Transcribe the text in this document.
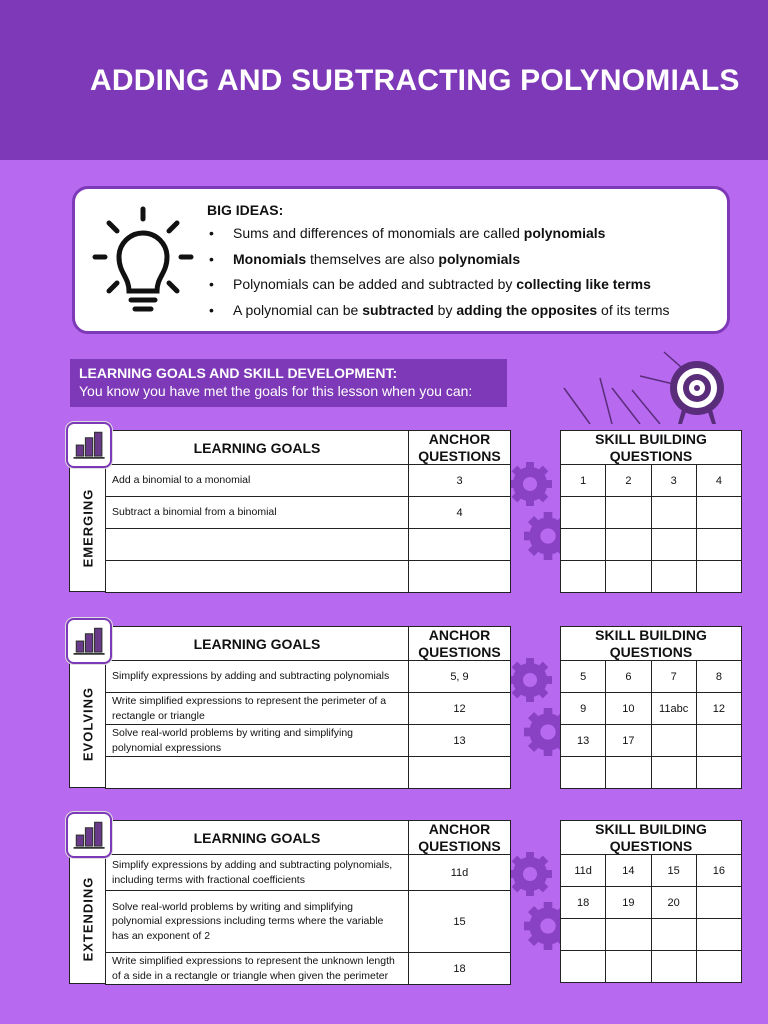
ADDING AND SUBTRACTING POLYNOMIALS
BIG IDEAS:
• Sums and differences of monomials are called polynomials
• Monomials themselves are also polynomials
• Polynomials can be added and subtracted by collecting like terms
• A polynomial can be subtracted by adding the opposites of its terms
LEARNING GOALS AND SKILL DEVELOPMENT:
You know you have met the goals for this lesson when you can:
EMERGING
LEARNING GOALS	ANCHOR QUESTIONS
Add a binomial to a monomial	3
Subtract a binomial from a binomial	4

SKILL BUILDING QUESTIONS			
1	2	3	4

EVOLVING
LEARNING GOALS	ANCHOR QUESTIONS
Simplify expressions by adding and subtracting polynomials	5, 9
Write simplified expressions to represent the perimeter of a rectangle or triangle	12
Solve real-world problems by writing and simplifying polynomial expressions	13

SKILL BUILDING QUESTIONS			
5	6	7	8
9	10	11abc	12
13	17		

EXTENDING
LEARNING GOALS	ANCHOR QUESTIONS
Simplify expressions by adding and subtracting polynomials, including terms with fractional coefficients	11d
Solve real-world problems by writing and simplifying polynomial expressions including terms where the variable has an exponent of 2	15
Write simplified expressions to represent the unknown length of a side in a rectangle or triangle when given the perimeter	18
SKILL BUILDING QUESTIONS			
11d	14	15	16
18	19	20	
